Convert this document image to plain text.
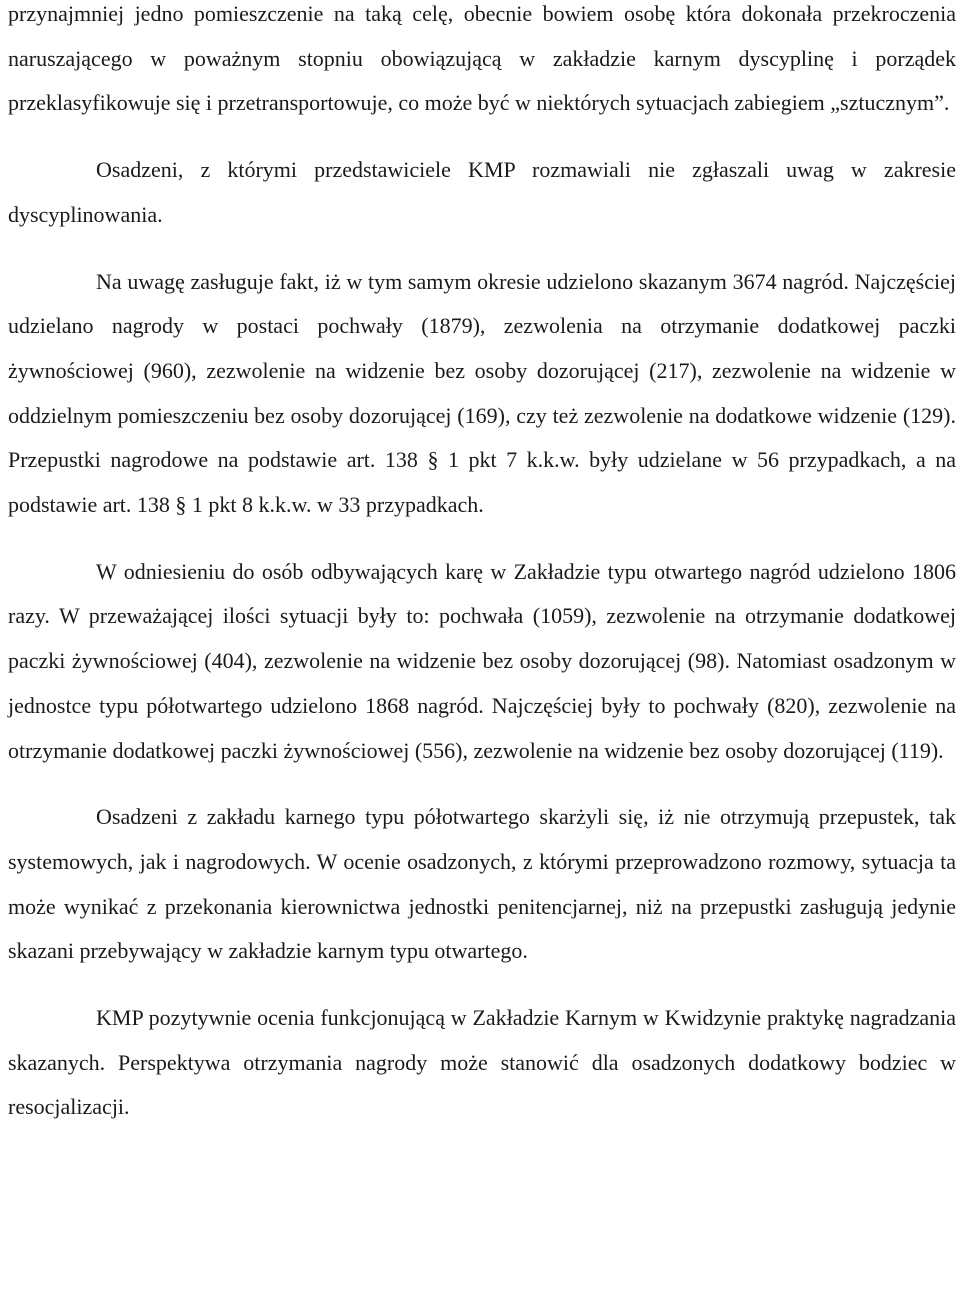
przynajmniej jedno pomieszczenie na taką celę, obecnie bowiem osobę która dokonała przekroczenia naruszającego w poważnym stopniu obowiązującą w zakładzie karnym dyscyplinę i porządek przeklasyfikowuje się i przetransportowuje, co może być w niektórych sytuacjach zabiegiem „sztucznym”.

Osadzeni, z którymi przedstawiciele KMP rozmawiali nie zgłaszali uwag w zakresie dyscyplinowania.

Na uwagę zasługuje fakt, iż w tym samym okresie udzielono skazanym 3674 nagród. Najczęściej udzielano nagrody w postaci pochwały (1879), zezwolenia na otrzymanie dodatkowej paczki żywnościowej (960), zezwolenie na widzenie bez osoby dozorującej (217), zezwolenie na widzenie w oddzielnym pomieszczeniu bez osoby dozorującej (169), czy też zezwolenie na dodatkowe widzenie (129). Przepustki nagrodowe na podstawie art. 138 § 1 pkt 7 k.k.w. były udzielane w 56 przypadkach, a na podstawie art. 138 § 1 pkt 8 k.k.w. w 33 przypadkach.

W odniesieniu do osób odbywających karę w Zakładzie typu otwartego nagród udzielono 1806 razy. W przeważającej ilości sytuacji były to: pochwała (1059), zezwolenie na otrzymanie dodatkowej paczki żywnościowej (404), zezwolenie na widzenie bez osoby dozorującej (98). Natomiast osadzonym w jednostce typu półotwartego udzielono 1868 nagród. Najczęściej były to pochwały (820), zezwolenie na otrzymanie dodatkowej paczki żywnościowej (556), zezwolenie na widzenie bez osoby dozorującej (119).

Osadzeni z zakładu karnego typu półotwartego skarżyli się, iż nie otrzymują przepustek, tak systemowych, jak i nagrodowych. W ocenie osadzonych, z którymi przeprowadzono rozmowy, sytuacja ta może wynikać z przekonania kierownictwa jednostki penitencjarnej, niż na przepustki zasługują jedynie skazani przebywający w zakładzie karnym typu otwartego.

KMP pozytywnie ocenia funkcjonującą w Zakładzie Karnym w Kwidzynie praktykę nagradzania skazanych. Perspektywa otrzymania nagrody może stanowić dla osadzonych dodatkowy bodziec w resocjalizacji.
